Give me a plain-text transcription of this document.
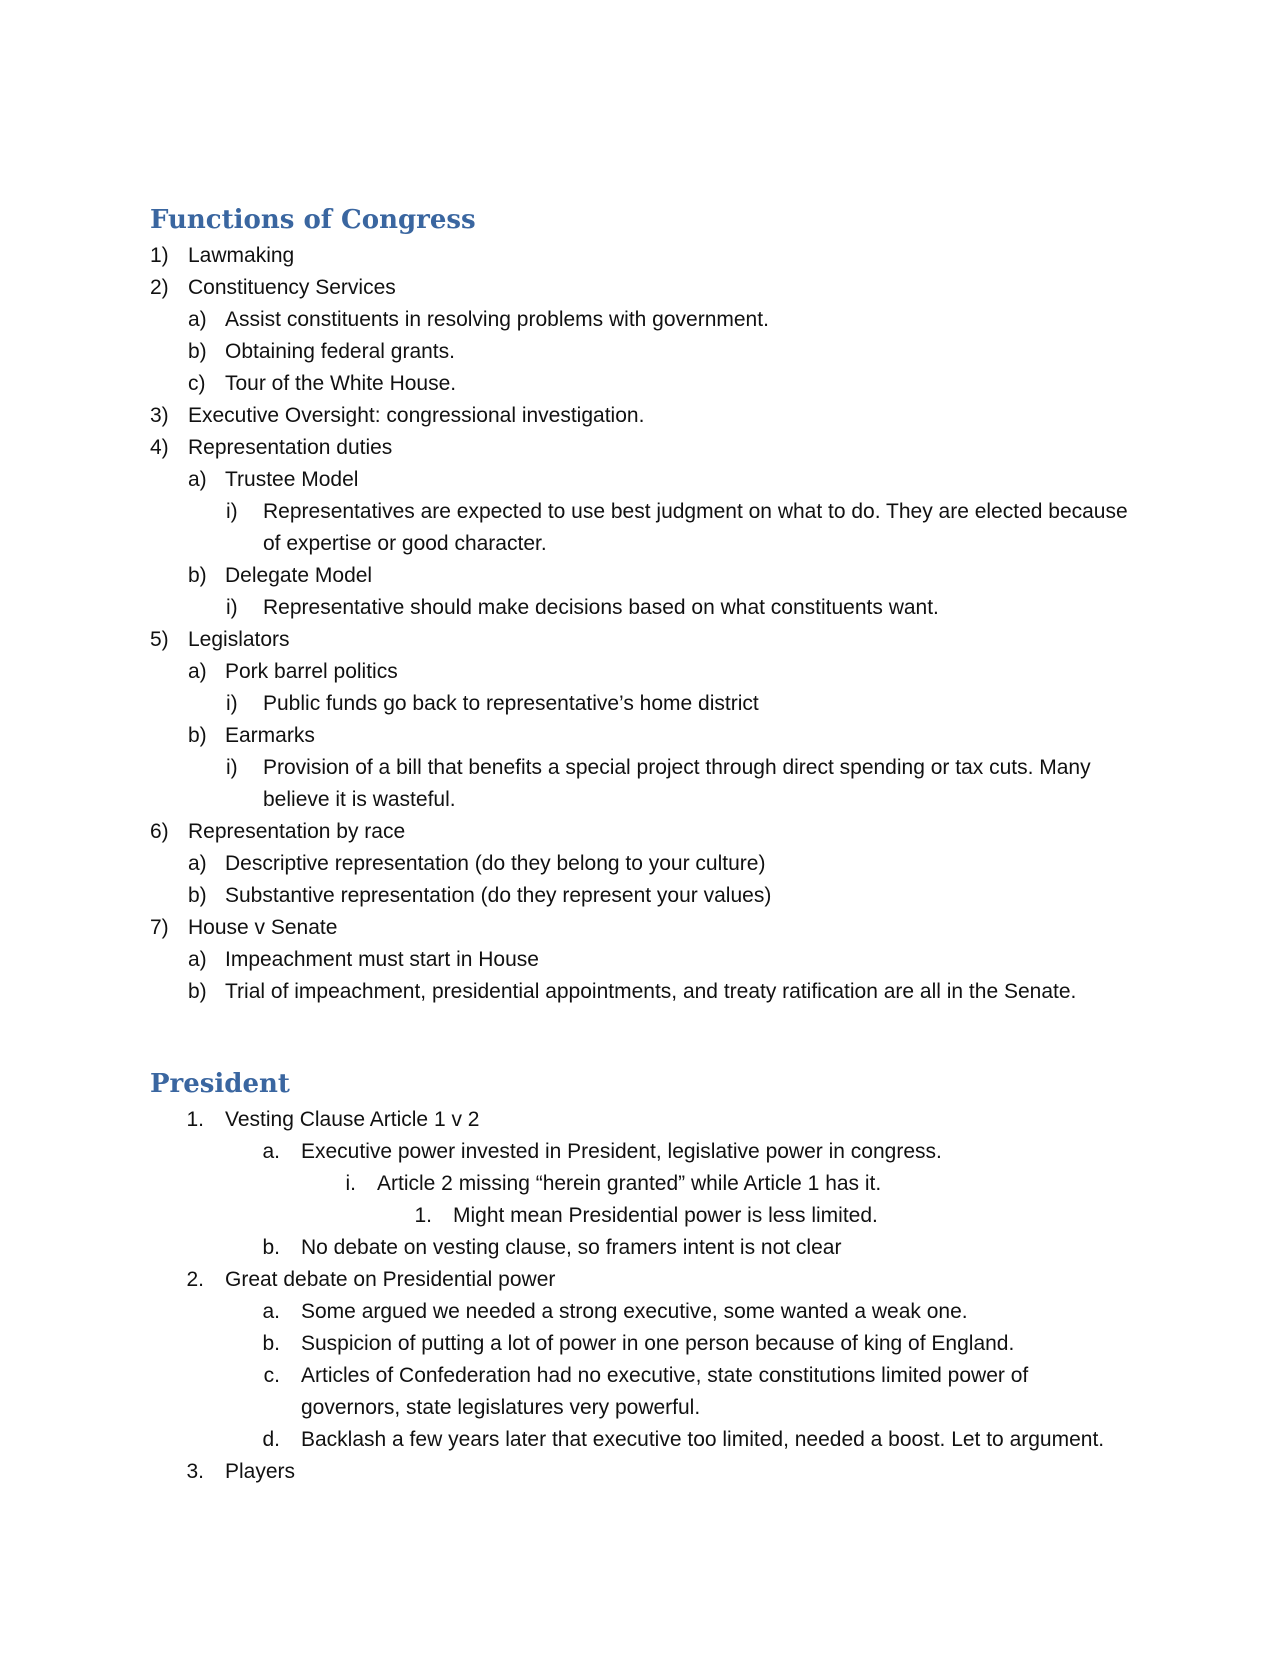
Functions of Congress
1) Lawmaking
2) Constituency Services
a) Assist constituents in resolving problems with government.
b) Obtaining federal grants.
c) Tour of the White House.
3) Executive Oversight: congressional investigation.
4) Representation duties
a) Trustee Model
i) Representatives are expected to use best judgment on what to do. They are elected because
of expertise or good character.
b) Delegate Model
i) Representative should make decisions based on what constituents want.
5) Legislators
a) Pork barrel politics
i) Public funds go back to representative’s home district
b) Earmarks
i) Provision of a bill that benefits a special project through direct spending or tax cuts. Many
believe it is wasteful.
6) Representation by race
a) Descriptive representation (do they belong to your culture)
b) Substantive representation (do they represent your values)
7) House v Senate
a) Impeachment must start in House
b) Trial of impeachment, presidential appointments, and treaty ratification are all in the Senate.
President
1. Vesting Clause Article 1 v 2
a. Executive power invested in President, legislative power in congress.
i. Article 2 missing “herein granted” while Article 1 has it.
1. Might mean Presidential power is less limited.
b. No debate on vesting clause, so framers intent is not clear
2. Great debate on Presidential power
a. Some argued we needed a strong executive, some wanted a weak one.
b. Suspicion of putting a lot of power in one person because of king of England.
c. Articles of Confederation had no executive, state constitutions limited power of
governors, state legislatures very powerful.
d. Backlash a few years later that executive too limited, needed a boost. Let to argument.
3. Players
